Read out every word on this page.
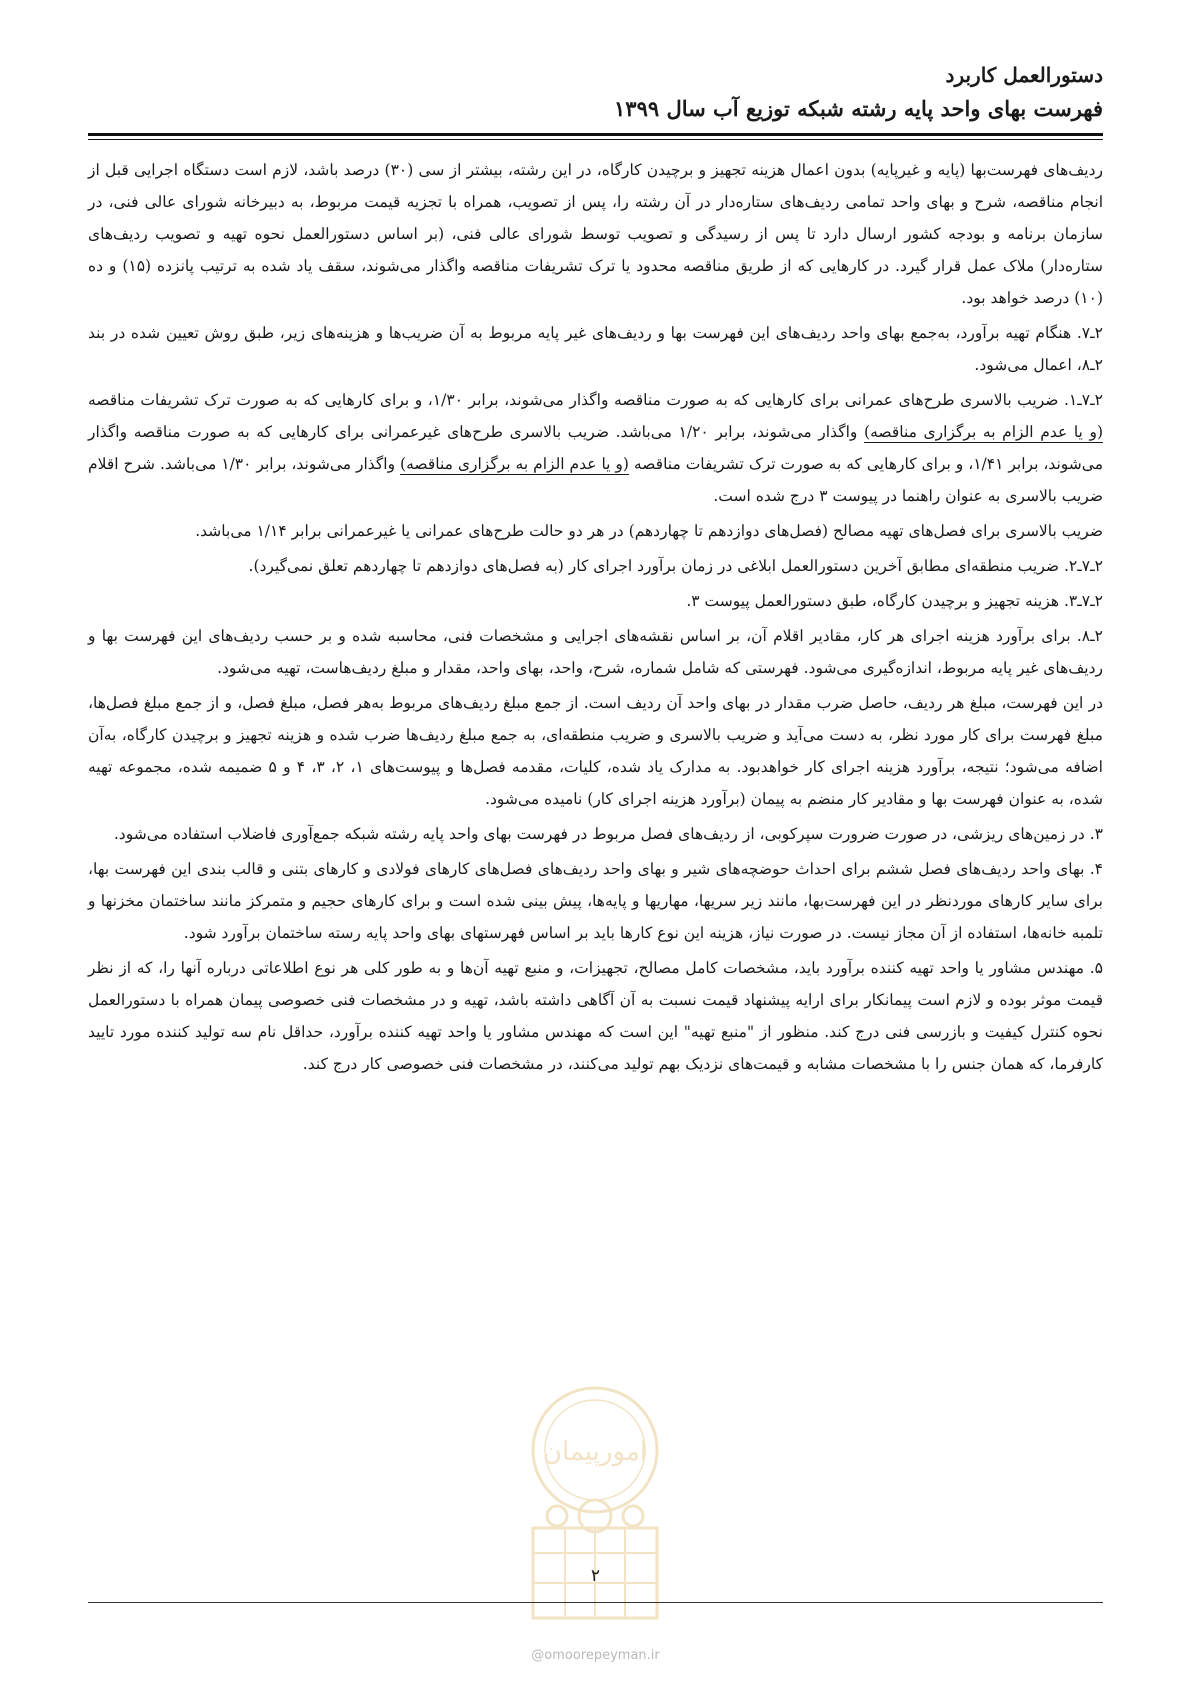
دستورالعمل کاربرد
فهرست بهای واحد پایه رشته شبکه توزیع آب سال ۱۳۹۹

ردیف‌های فهرست‌بها (پایه و غیرپایه) بدون اعمال هزینه تجهیز و برچیدن کارگاه، در این رشته، بیشتر از سی (۳۰) درصد باشد، لازم است دستگاه اجرایی قبل از انجام مناقصه، شرح و بهای واحد تمامی ردیف‌های ستاره‌دار در آن رشته را، پس از تصویب، همراه با تجزیه قیمت مربوط، به دبیرخانه شورای عالی فنی، در سازمان برنامه و بودجه کشور ارسال دارد تا پس از رسیدگی و تصویب توسط شورای عالی فنی، (بر اساس دستورالعمل نحوه تهیه و تصویب ردیف‌های ستاره‌دار) ملاک عمل قرار گیرد. در کارهایی که از طریق مناقصه محدود یا ترک تشریفات مناقصه واگذار می‌شوند، سقف یاد شده به ترتیب پانزده (۱۵) و ده (۱۰) درصد خواهد بود.

۲ـ۷. هنگام تهیه برآورد، به‌جمع بهای واحد ردیف‌های این فهرست بها و ردیف‌های غیر پایه مربوط به آن ضریب‌ها و هزینه‌های زیر، طبق روش تعیین شده در بند ۲ـ۸، اعمال می‌شود.

۲ـ۷ـ۱. ضریب بالاسری طرح‌های عمرانی برای کارهایی که به صورت مناقصه واگذار می‌شوند، برابر ۱/۳۰، و برای کارهایی که به صورت ترک تشریفات مناقصه (و یا عدم الزام به برگزاری مناقصه) واگذار می‌شوند، برابر ۱/۲۰ می‌باشد. ضریب بالاسری طرح‌های غیرعمرانی برای کارهایی که به صورت مناقصه واگذار می‌شوند، برابر ۱/۴۱، و برای کارهایی که به صورت ترک تشریفات مناقصه (و یا عدم الزام به برگزاری مناقصه) واگذار می‌شوند، برابر ۱/۳۰ می‌باشد. شرح اقلام ضریب بالاسری به عنوان راهنما در پیوست ۳ درج شده است.

ضریب بالاسری برای فصل‌های تهیه مصالح (فصل‌های دوازدهم تا چهاردهم) در هر دو حالت طرح‌های عمرانی یا غیرعمرانی برابر ۱/۱۴ می‌باشد.

۲ـ۷ـ۲. ضریب منطقه‌ای مطابق آخرین دستورالعمل ابلاغی در زمان برآورد اجرای کار (به فصل‌های دوازدهم تا چهاردهم تعلق نمی‌گیرد).

۲ـ۷ـ۳. هزینه تجهیز و برچیدن کارگاه، طبق دستورالعمل پیوست ۳.

۲ـ۸. برای برآورد هزینه اجرای هر کار، مقادیر اقلام آن، بر اساس نقشه‌های اجرایی و مشخصات فنی، محاسبه شده و بر حسب ردیف‌های این فهرست بها و ردیف‌های غیر پایه مربوط، اندازه‌گیری می‌شود. فهرستی که شامل شماره، شرح، واحد، بهای واحد، مقدار و مبلغ ردیف‌هاست، تهیه می‌شود.

در این فهرست، مبلغ هر ردیف، حاصل ضرب مقدار در بهای واحد آن ردیف است. از جمع مبلغ ردیف‌های مربوط به‌هر فصل، مبلغ فصل، و از جمع مبلغ فصل‌ها، مبلغ فهرست برای کار مورد نظر، به دست می‌آید و ضریب بالاسری و ضریب منطقه‌ای، به جمع مبلغ ردیف‌ها ضرب شده و هزینه تجهیز و برچیدن کارگاه، به‌آن اضافه می‌شود؛ نتیجه، برآورد هزینه اجرای کار خواهدبود. به مدارک یاد شده، کلیات، مقدمه فصل‌ها و پیوست‌های ۱، ۲، ۳، ۴ و ۵ ضمیمه شده، مجموعه تهیه شده، به عنوان فهرست بها و مقادیر کار منضم به پیمان (برآورد هزینه اجرای کار) نامیده می‌شود.

۳. در زمین‌های ریزشی، در صورت ضرورت سپرکوبی، از ردیف‌های فصل مربوط در فهرست بهای واحد پایه رشته شبکه جمع‌آوری فاضلاب استفاده می‌شود.

۴. بهای واحد ردیف‌های فصل ششم برای احداث حوضچه‌های شیر و بهای واحد ردیف‌های فصل‌های کارهای فولادی و کارهای بتنی و قالب بندی این فهرست بها، برای سایر کارهای موردنظر در این فهرست‌بها، مانند زیر سریها، مهاریها و پایه‌ها، پیش بینی شده است و برای کارهای حجیم و متمرکز مانند ساختمان مخزنها و تلمبه خانه‌ها، استفاده از آن مجاز نیست. در صورت نیاز، هزینه این نوع کارها باید بر اساس فهرستهای بهای واحد پایه رسته ساختمان برآورد شود.

۵. مهندس مشاور یا واحد تهیه کننده برآورد باید، مشخصات کامل مصالح، تجهیزات، و منبع تهیه آن‌ها و به طور کلی هر نوع اطلاعاتی درباره آنها را، که از نظر قیمت موثر بوده و لازم است پیمانکار برای ارایه پیشنهاد قیمت نسبت به آن آگاهی داشته باشد، تهیه و در مشخصات فنی خصوصی پیمان همراه با دستورالعمل نحوه کنترل کیفیت و بازرسی فنی درج کند. منظور از "منبع تهیه" این است که مهندس مشاور یا واحد تهیه کننده برآورد، حداقل نام سه تولید کننده مورد تایید کارفرما، که همان جنس را با مشخصات مشابه و قیمت‌های نزدیک بهم تولید می‌کنند، در مشخصات فنی خصوصی کار درج کند.

امورپیمان
۲
@omoorepeyman.ir
